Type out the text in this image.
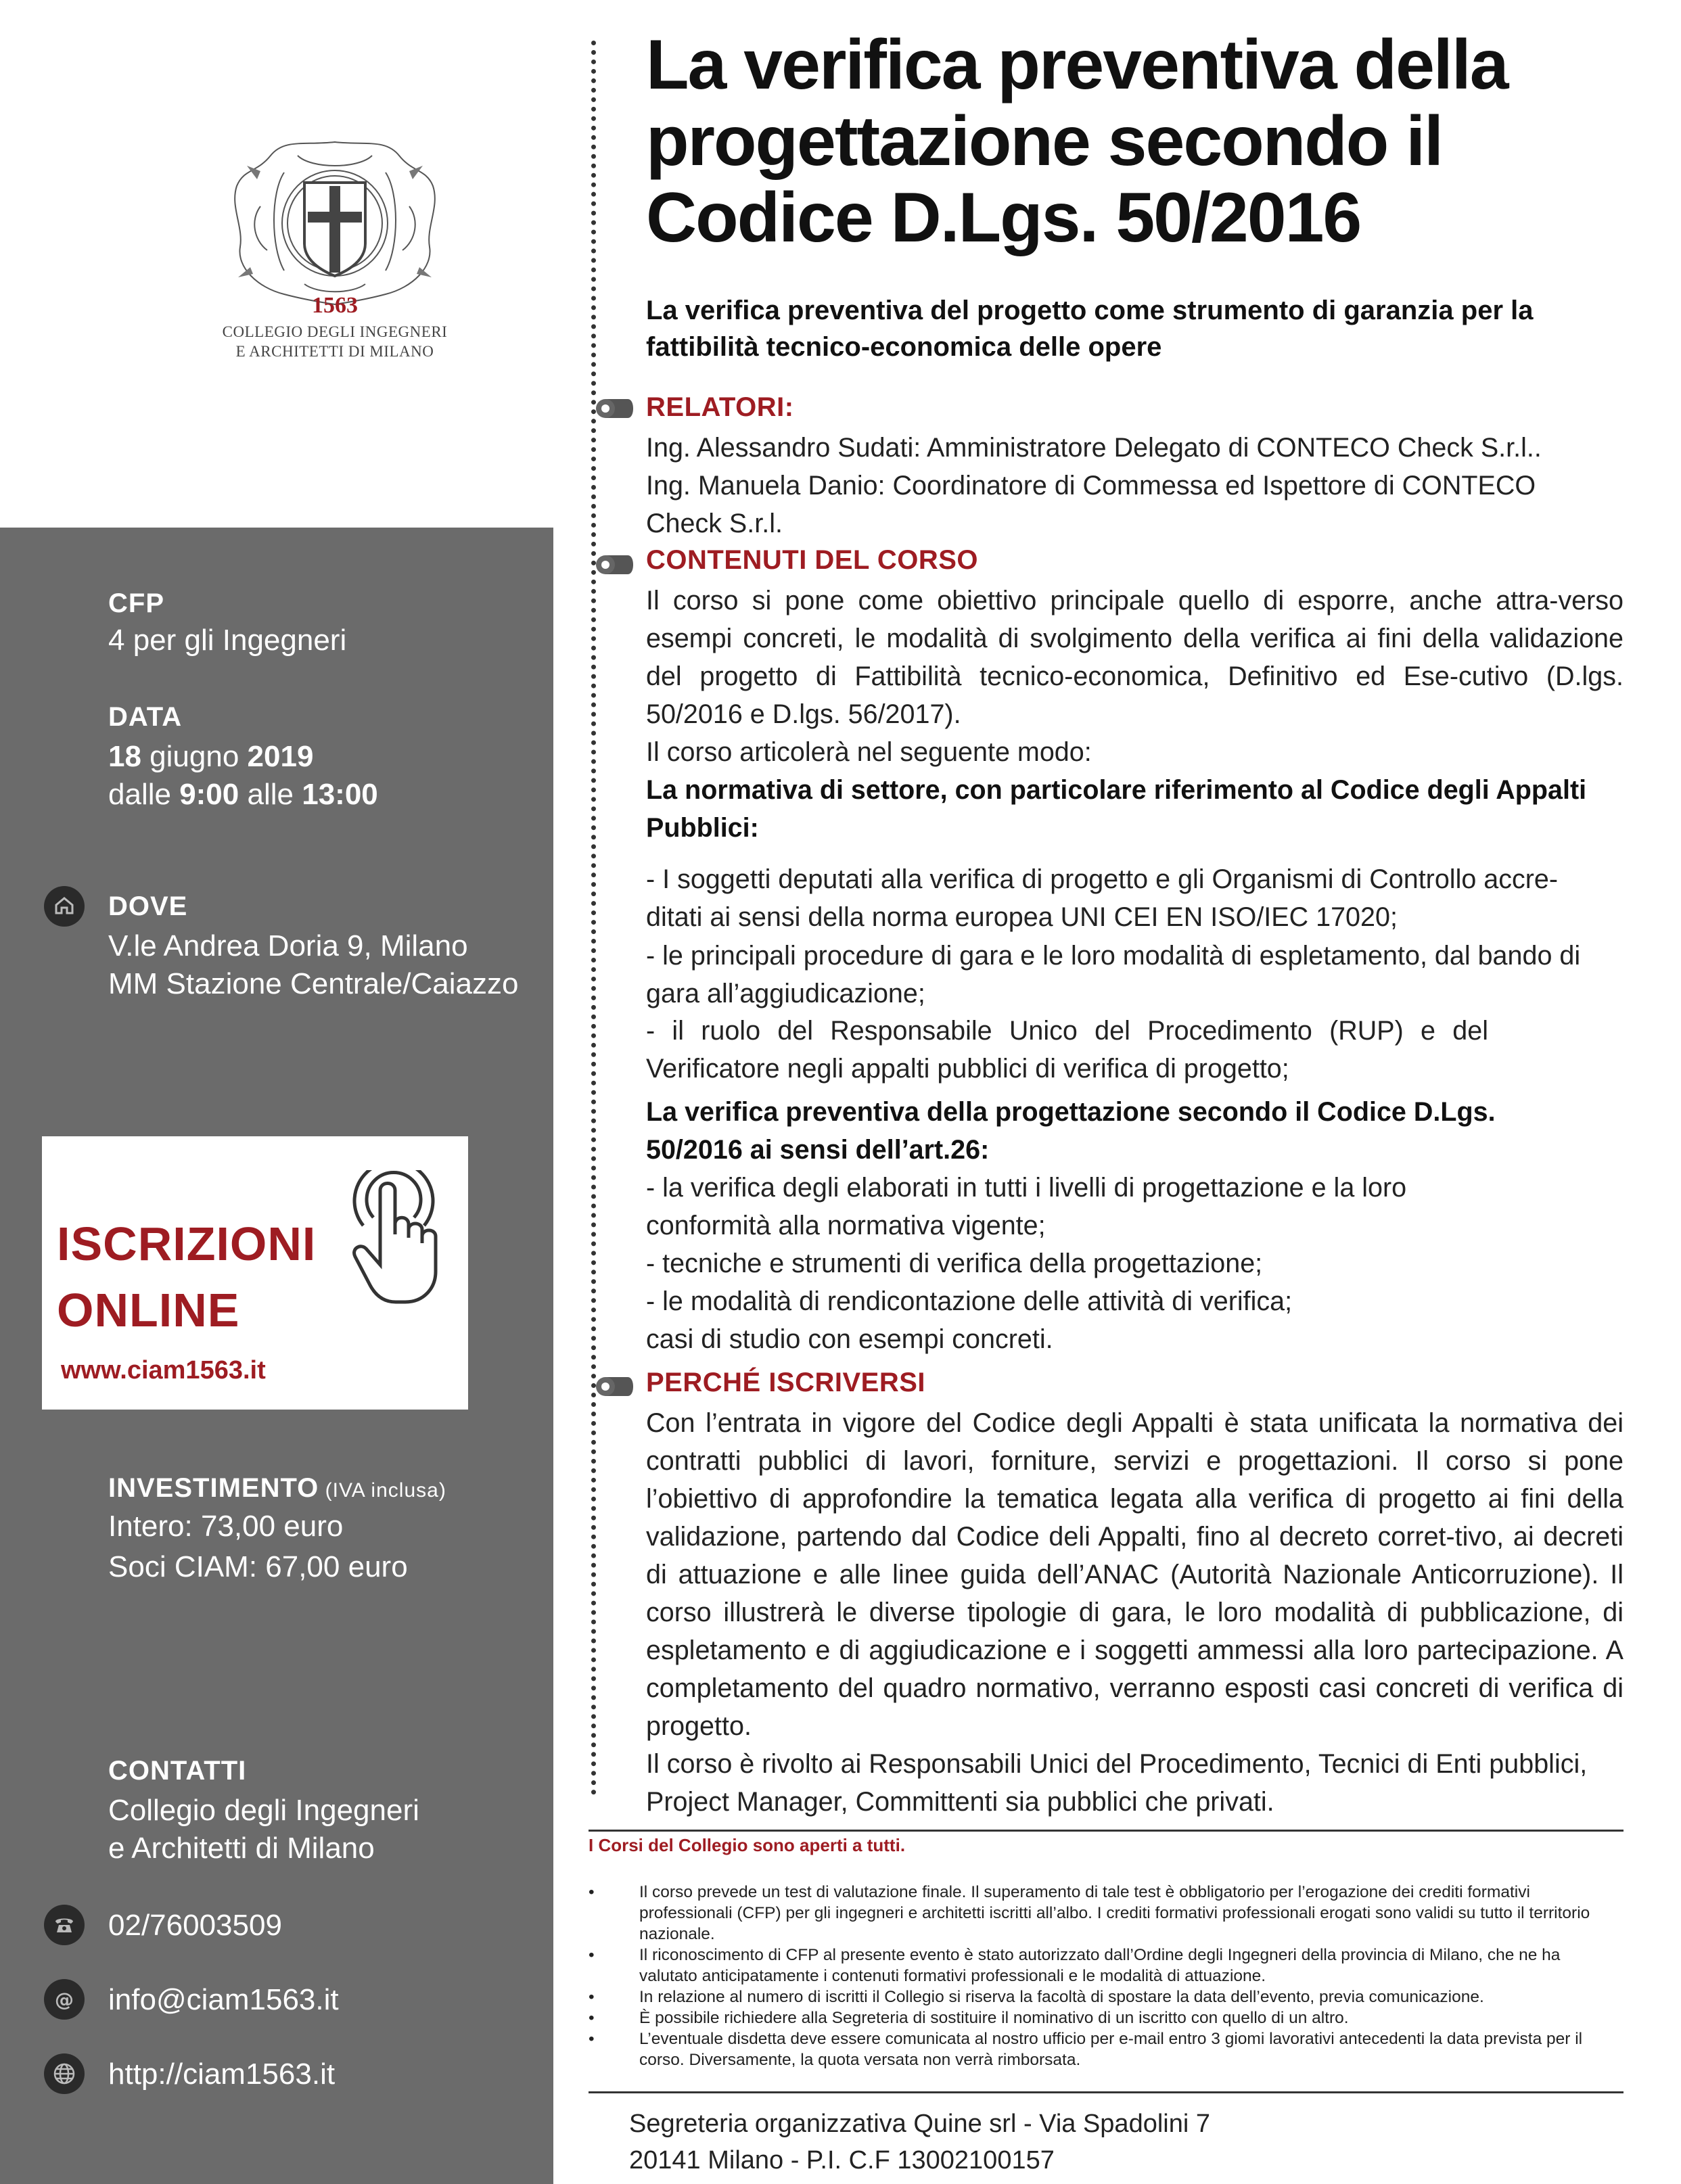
1563
COLLEGIO DEGLI INGEGNERI
E ARCHITETTI DI MILANO
CFP
4 per gli Ingegneri
DATA
18 giugno 2019
dalle 9:00 alle 13:00
DOVE
V.le Andrea Doria 9, Milano
MM Stazione Centrale/Caiazzo
INVESTIMENTO (IVA inclusa)
Intero: 73,00 euro
Soci CIAM: 67,00 euro
CONTATTI
Collegio degli Ingegneri
e Architetti di Milano
02/76003509
@ info@ciam1563.it
http://ciam1563.it
ISCRIZIONI
ONLINE
www.ciam1563.it
La verifica preventiva della progettazione secondo il Codice D.Lgs. 50/2016
La verifica preventiva del progetto come strumento di garanzia per la fattibilità tecnico-economica delle opere
RELATORI:
Ing. Alessandro Sudati: Amministratore Delegato di CONTECO Check S.r.l..
Ing. Manuela Danio: Coordinatore di Commessa ed Ispettore di CONTECO Check S.r.l.
CONTENUTI DEL CORSO
Il corso si pone come obiettivo principale quello di esporre, anche attra-verso esempi concreti, le modalità di svolgimento della verifica ai fini della validazione del progetto di Fattibilità tecnico-economica, Definitivo ed Ese-cutivo (D.lgs. 50/2016 e D.lgs. 56/2017).
Il corso articolerà nel seguente modo:
La normativa di settore, con particolare riferimento al Codice degli Appalti Pubblici:
- I soggetti deputati alla verifica di progetto e gli Organismi di Controllo accre-ditati ai sensi della norma europea UNI CEI EN ISO/IEC 17020;
- le principali procedure di gara e le loro modalità di espletamento, dal bando di gara all’aggiudicazione;
- il ruolo del Responsabile Unico del Procedimento (RUP) e del Verificatore negli appalti pubblici di verifica di progetto;
La verifica preventiva della progettazione secondo il Codice D.Lgs. 50/2016 ai sensi dell’art.26:
- la verifica degli elaborati in tutti i livelli di progettazione e la loro conformità alla normativa vigente;
- tecniche e strumenti di verifica della progettazione;
- le modalità di rendicontazione delle attività di verifica;
casi di studio con esempi concreti.
PERCHÉ ISCRIVERSI
Con l’entrata in vigore del Codice degli Appalti è stata unificata la normativa dei contratti pubblici di lavori, forniture, servizi e progettazioni. Il corso si pone l’obiettivo di approfondire la tematica legata alla verifica di progetto ai fini della validazione, partendo dal Codice deli Appalti, fino al decreto corret-tivo, ai decreti di attuazione e alle linee guida dell’ANAC (Autorità Nazionale Anticorruzione). Il corso illustrerà le diverse tipologie di gara, le loro modalità di pubblicazione, di espletamento e di aggiudicazione e i soggetti ammessi alla loro partecipazione. A completamento del quadro normativo, verranno esposti casi concreti di verifica di progetto.
Il corso è rivolto ai Responsabili Unici del Procedimento, Tecnici di Enti pubblici, Project Manager, Committenti sia pubblici che privati.
I Corsi del Collegio sono aperti a tutti.
•	Il corso prevede un test di valutazione finale. Il superamento di tale test è obbligatorio per l’erogazione dei crediti formativi professionali (CFP) per gli ingegneri e architetti iscritti all’albo. I crediti formativi professionali erogati sono validi su tutto il territorio nazionale.
•	Il riconoscimento di CFP al presente evento è stato autorizzato dall’Ordine degli Ingegneri della provincia di Milano, che ne ha valutato anticipatamente i contenuti formativi professionali e le modalità di attuazione.
•	In relazione al numero di iscritti il Collegio si riserva la facoltà di spostare la data dell’evento, previa comunicazione.
•	È possibile richiedere alla Segreteria di sostituire il nominativo di un iscritto con quello di un altro.
•	L’eventuale disdetta deve essere comunicata al nostro ufficio per e-mail entro 3 giomi lavorativi antecedenti la data prevista per il corso. Diversamente, la quota versata non verrà rimborsata.
Segreteria organizzativa Quine srl - Via Spadolini 7
20141 Milano - P.I. C.F 13002100157
